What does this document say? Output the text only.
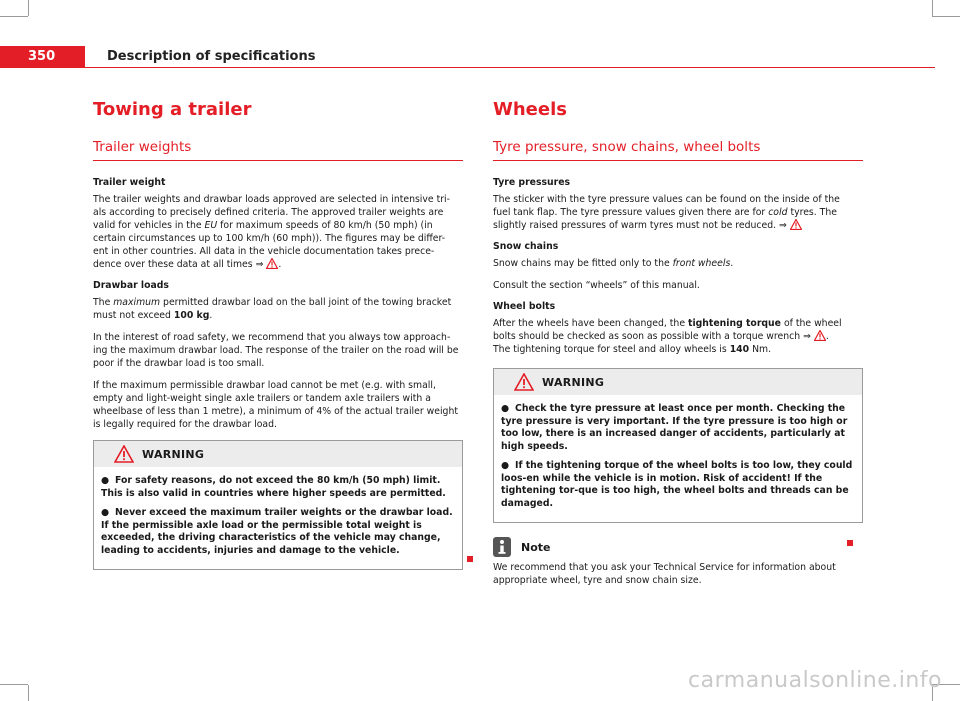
350	Description of specifications
Towing a trailer
Trailer weights
Trailer weight

The trailer weights and drawbar loads approved are selected in intensive tri-
als according to precisely defined criteria. The approved trailer weights are
valid for vehicles in the EU for maximum speeds of 80 km/h (50 mph) (in
certain circumstances up to 100 km/h (60 mph)). The figures may be differ-
ent in other countries. All data in the vehicle documentation takes prece-
dence over these data at all times ⇒ .

Drawbar loads

The maximum permitted drawbar load on the ball joint of the towing bracket
must not exceed 100 kg.

In the interest of road safety, we recommend that you always tow approach-ing the maximum drawbar load. The response of the trailer on the road will be poor if the drawbar load is too small.

If the maximum permissible drawbar load cannot be met (e.g. with small, empty and light-weight single axle trailers or tandem axle trailers with a wheelbase of less than 1 metre), a minimum of 4% of the actual trailer weight is legally required for the drawbar load.

WARNING
● For safety reasons, do not exceed the 80 km/h (50 mph) limit. This is also valid in countries where higher speeds are permitted.
● Never exceed the maximum trailer weights or the drawbar load. If the permissible axle load or the permissible total weight is exceeded, the driving characteristics of the vehicle may change, leading to accidents, injuries and damage to the vehicle.
Wheels
Tyre pressure, snow chains, wheel bolts
Tyre pressures

The sticker with the tyre pressure values can be found on the inside of the
fuel tank flap. The tyre pressure values given there are for cold tyres. The
slightly raised pressures of warm tyres must not be reduced. ⇒

Snow chains

Snow chains may be fitted only to the front wheels.

Consult the section “wheels” of this manual.

Wheel bolts

After the wheels have been changed, the tightening torque of the wheel
bolts should be checked as soon as possible with a torque wrench ⇒ .
The tightening torque for steel and alloy wheels is 140 Nm.

WARNING
● Check the tyre pressure at least once per month. Checking the tyre pressure is very important. If the tyre pressure is too high or too low, there is an increased danger of accidents, particularly at high speeds.
● If the tightening torque of the wheel bolts is too low, they could loos-en while the vehicle is in motion. Risk of accident! If the tightening tor-que is too high, the wheel bolts and threads can be damaged.
Note

We recommend that you ask your Technical Service for information about appropriate wheel, tyre and snow chain size.

carmanualsonline.info
